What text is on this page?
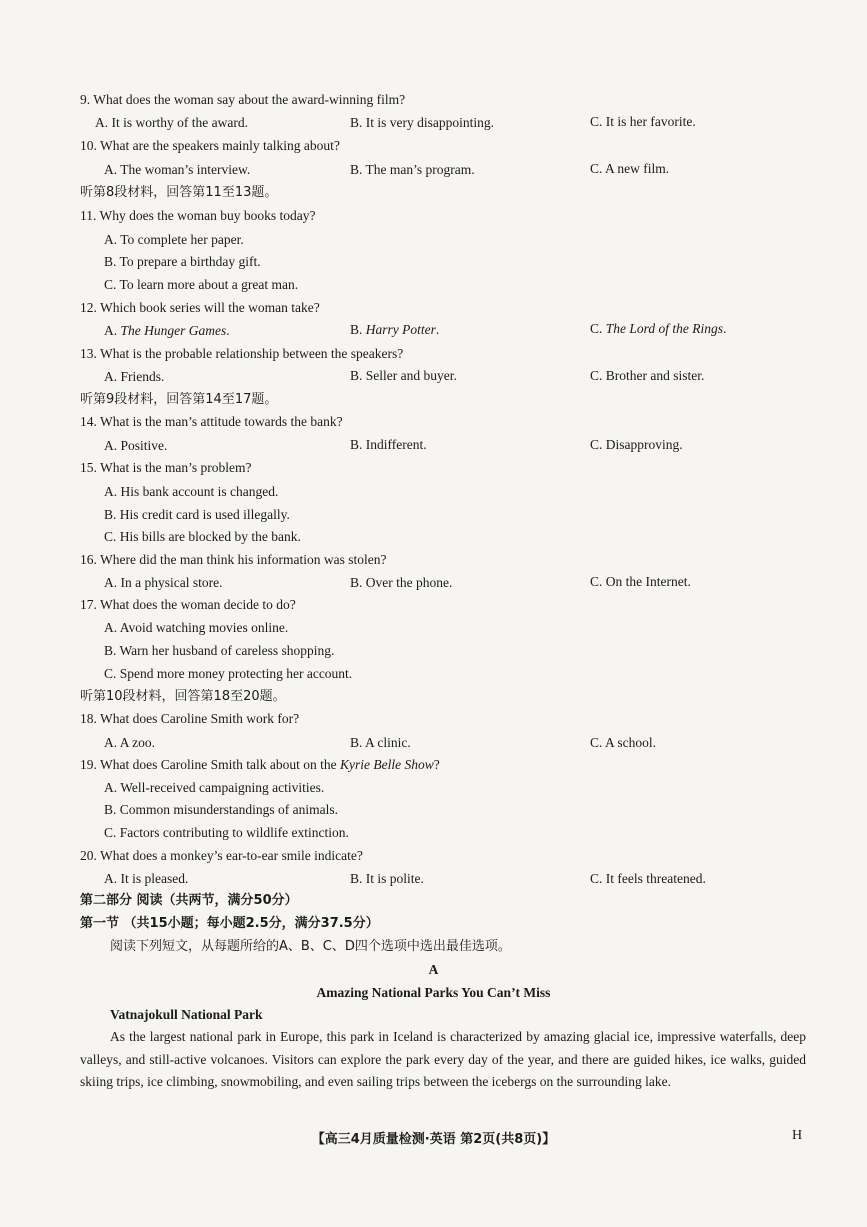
9. What does the woman say about the award-winning film?
A. It is worthy of the award.	B. It is very disappointing.	C. It is her favorite.
10. What are the speakers mainly talking about?
A. The woman’s interview.	B. The man’s program.	C. A new film.
听第8段材料，回答第11至13题。
11. Why does the woman buy books today?
A. To complete her paper.
B. To prepare a birthday gift.
C. To learn more about a great man.
12. Which book series will the woman take?
A. The Hunger Games.	B. Harry Potter.	C. The Lord of the Rings.
13. What is the probable relationship between the speakers?
A. Friends.	B. Seller and buyer.	C. Brother and sister.
听第9段材料，回答第14至17题。
14. What is the man’s attitude towards the bank?
A. Positive.	B. Indifferent.	C. Disapproving.
15. What is the man’s problem?
A. His bank account is changed.
B. His credit card is used illegally.
C. His bills are blocked by the bank.
16. Where did the man think his information was stolen?
A. In a physical store.	B. Over the phone.	C. On the Internet.
17. What does the woman decide to do?
A. Avoid watching movies online.
B. Warn her husband of careless shopping.
C. Spend more money protecting her account.
听第10段材料，回答第18至20题。
18. What does Caroline Smith work for?
A. A zoo.	B. A clinic.	C. A school.
19. What does Caroline Smith talk about on the Kyrie Belle Show?
A. Well-received campaigning activities.
B. Common misunderstandings of animals.
C. Factors contributing to wildlife extinction.
20. What does a monkey’s ear-to-ear smile indicate?
A. It is pleased.	B. It is polite.	C. It feels threatened.
第二部分 阅读（共两节，满分50分）
第一节 （共15小题；每小题2.5分，满分37.5分）
阅读下列短文，从每题所给的A、B、C、D四个选项中选出最佳选项。
A
Amazing National Parks You Can’t Miss
Vatnajokull National Park
As the largest national park in Europe, this park in Iceland is characterized by amazing glacial ice, impressive waterfalls, deep valleys, and still-active volcanoes. Visitors can explore the park every day of the year, and there are guided hikes, ice walks, guided skiing trips, ice climbing, snowmobiling, and even sailing trips between the icebergs on the surrounding lake.
【高三4月质量检测·英语 第2页(共8页)】	H
